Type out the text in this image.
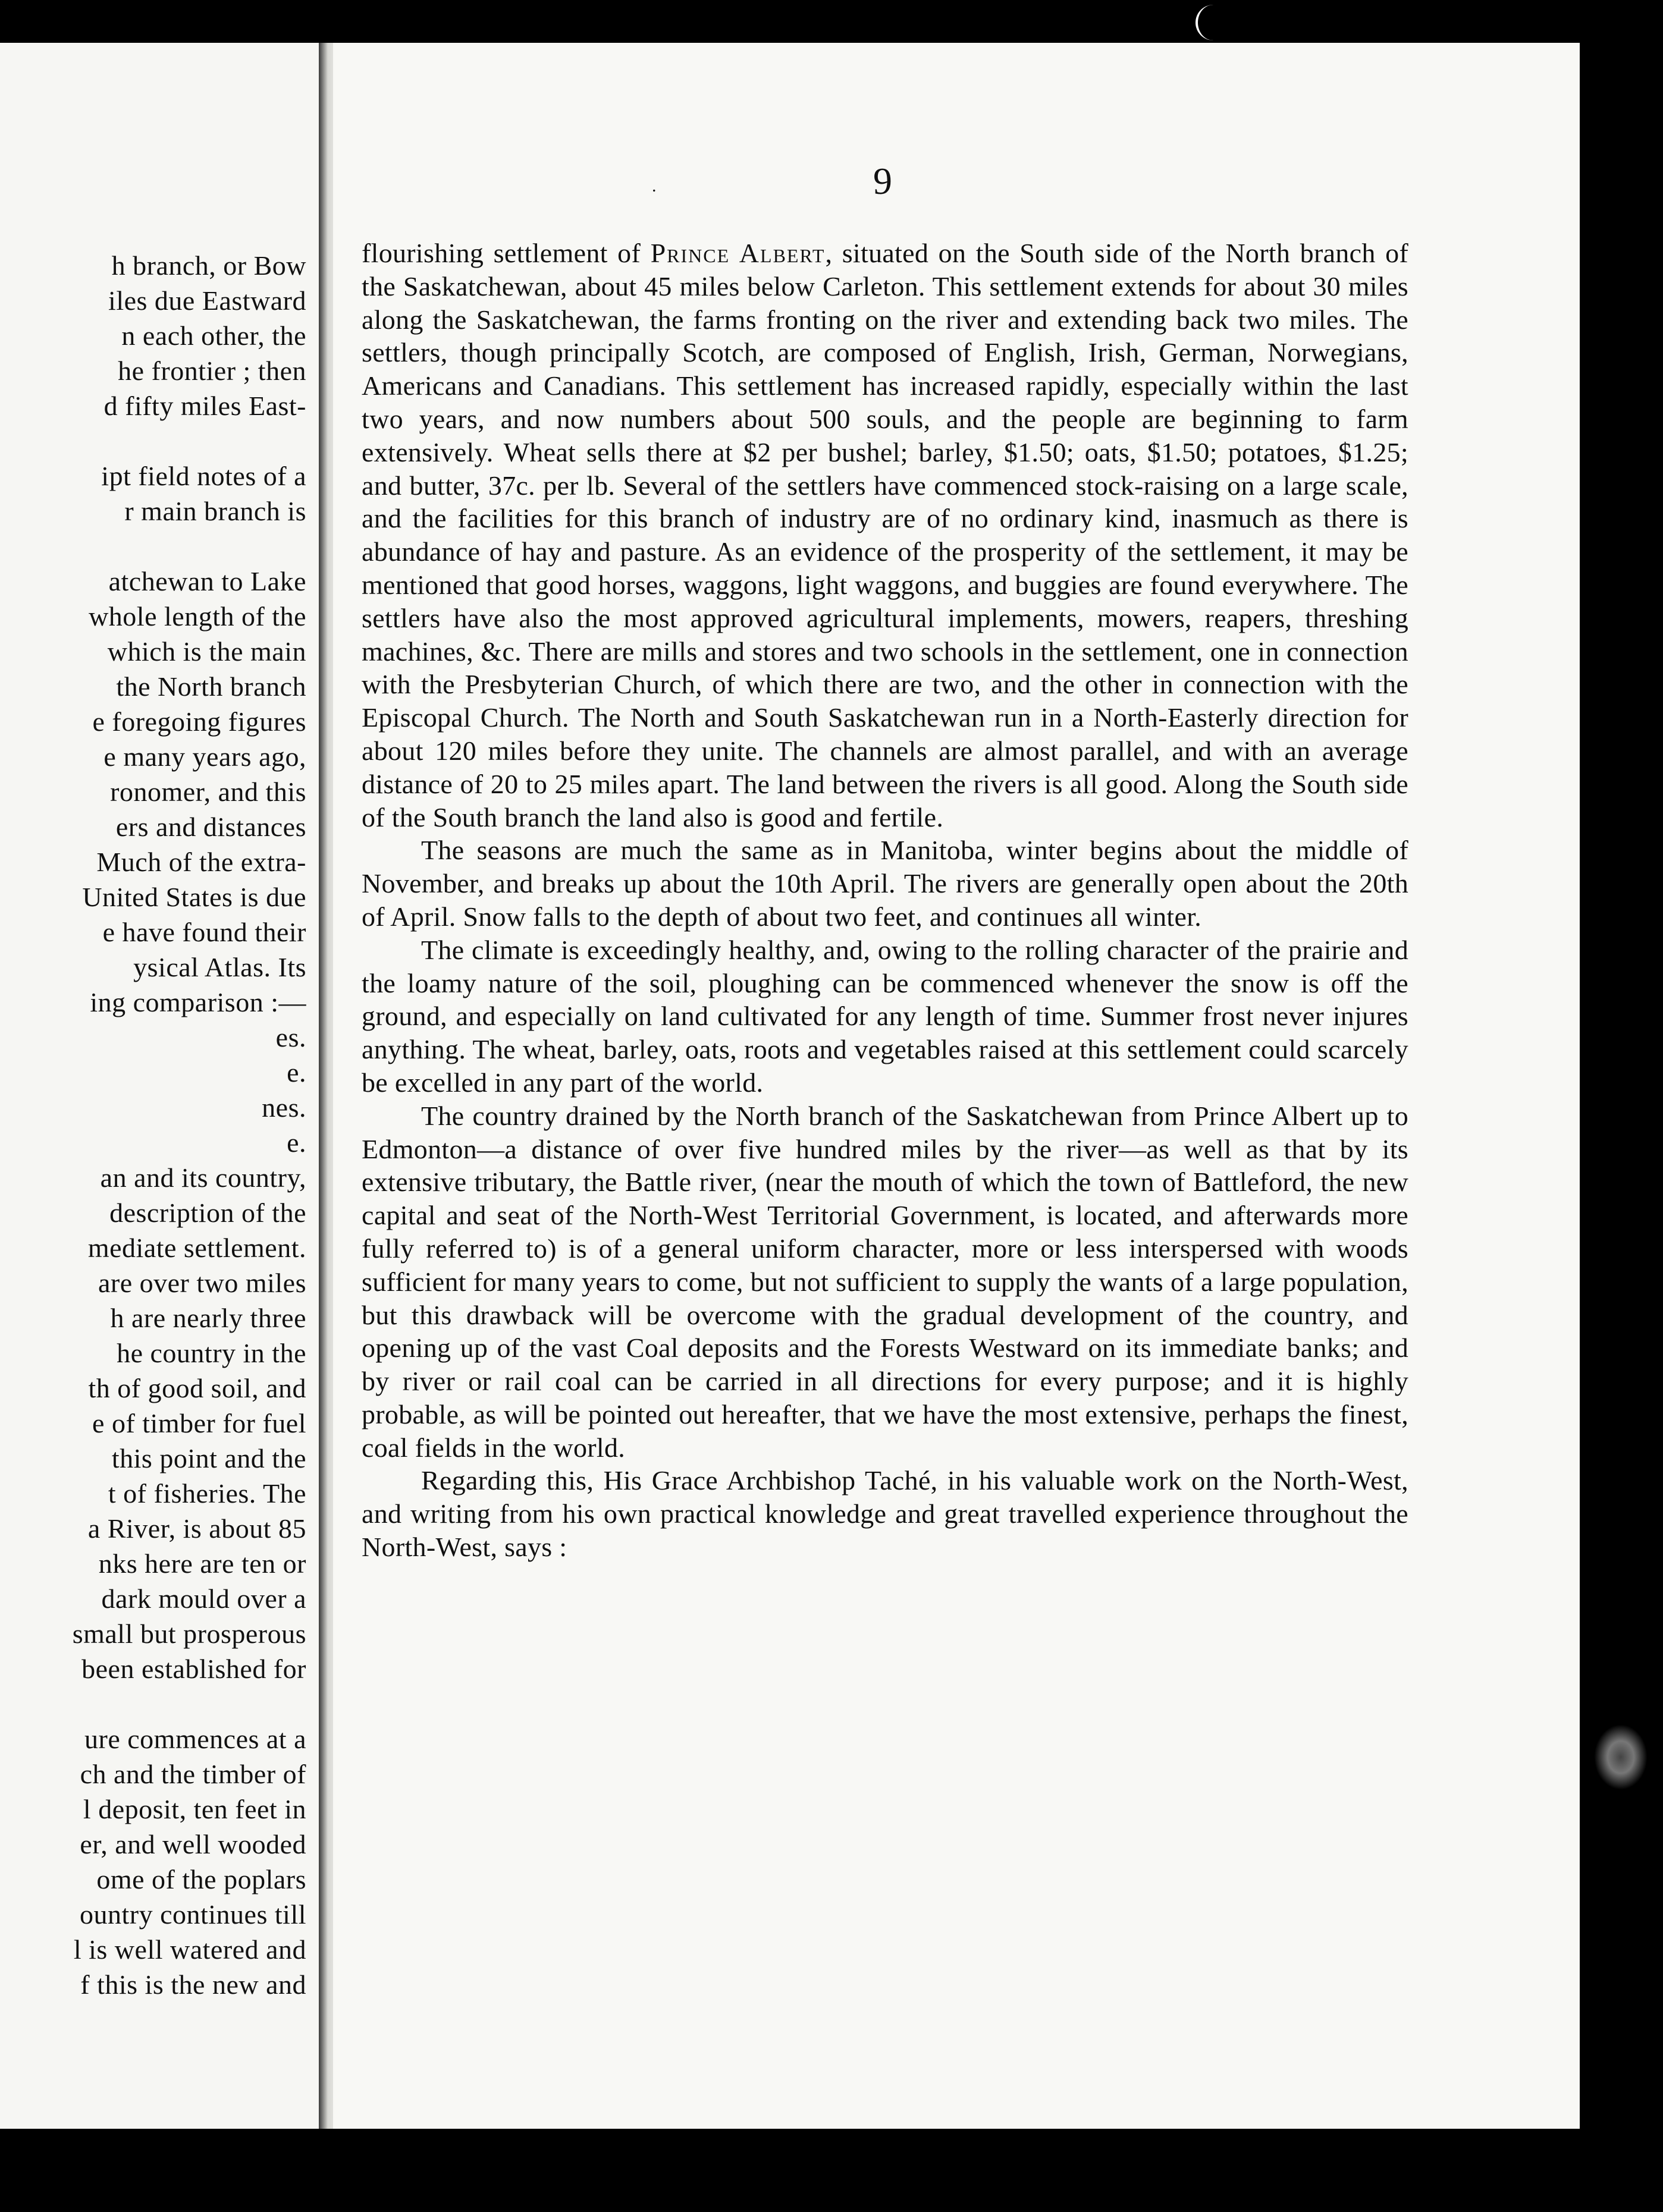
h branch, or Bow
iles due Eastward
n each other, the
he frontier ; then
d fifty miles East-
ipt field notes of a
r main branch is
atchewan to Lake
whole length of the
which is the main
the North branch
e foregoing figures
e many years ago,
ronomer, and this
ers and distances
Much of the extra-
United States is due
e have found their
ysical Atlas. Its
ing comparison :—
es.
e.
nes.
e.
an and its country,
description of the
mediate settlement.
are over two miles
h are nearly three
he country in the
th of good soil, and
e of timber for fuel
this point and the
t of fisheries. The
a River, is about 85
nks here are ten or
dark mould over a
small but prosperous
been established for
ure commences at a
ch and the timber of
l deposit, ten feet in
er, and well wooded
ome of the poplars
ountry continues till
l is well watered and
f this is the new and
.	9

flourishing settlement of Prince Albert, situated on the South side of the North branch of the Saskatchewan, about 45 miles below Carleton. This settlement extends for about 30 miles along the Saskatchewan, the farms fronting on the river and extending back two miles. The settlers, though principally Scotch, are composed of English, Irish, German, Norwegians, Americans and Canadians. This settlement has increased rapidly, especially within the last two years, and now numbers about 500 souls, and the people are beginning to farm extensively. Wheat sells there at $2 per bushel; barley, $1.50; oats, $1.50; potatoes, $1.25; and butter, 37c. per lb. Several of the settlers have commenced stock-raising on a large scale, and the facilities for this branch of industry are of no ordinary kind, inasmuch as there is abundance of hay and pasture. As an evidence of the prosperity of the settlement, it may be mentioned that good horses, waggons, light waggons, and buggies are found everywhere. The settlers have also the most approved agricultural implements, mowers, reapers, threshing machines, &c. There are mills and stores and two schools in the settlement, one in connection with the Presbyterian Church, of which there are two, and the other in connection with the Episcopal Church. The North and South Saskatchewan run in a North-Easterly direction for about 120 miles before they unite. The channels are almost parallel, and with an average distance of 20 to 25 miles apart. The land between the rivers is all good. Along the South side of the South branch the land also is good and fertile.

The seasons are much the same as in Manitoba, winter begins about the middle of November, and breaks up about the 10th April. The rivers are generally open about the 20th of April. Snow falls to the depth of about two feet, and continues all winter.

The climate is exceedingly healthy, and, owing to the rolling character of the prairie and the loamy nature of the soil, ploughing can be commenced whenever the snow is off the ground, and especially on land cultivated for any length of time. Summer frost never injures anything. The wheat, barley, oats, roots and vegetables raised at this settlement could scarcely be excelled in any part of the world.

The country drained by the North branch of the Saskatchewan from Prince Albert up to Edmonton—a distance of over five hundred miles by the river—as well as that by its extensive tributary, the Battle river, (near the mouth of which the town of Battleford, the new capital and seat of the North-West Territorial Government, is located, and afterwards more fully referred to) is of a general uniform character, more or less interspersed with woods sufficient for many years to come, but not sufficient to supply the wants of a large population, but this drawback will be overcome with the gradual development of the country, and opening up of the vast Coal deposits and the Forests Westward on its immediate banks; and by river or rail coal can be carried in all directions for every purpose; and it is highly probable, as will be pointed out hereafter, that we have the most extensive, perhaps the finest, coal fields in the world.

Regarding this, His Grace Archbishop Taché, in his valuable work on the North-West, and writing from his own practical knowledge and great travelled experience throughout the North-West, says :
